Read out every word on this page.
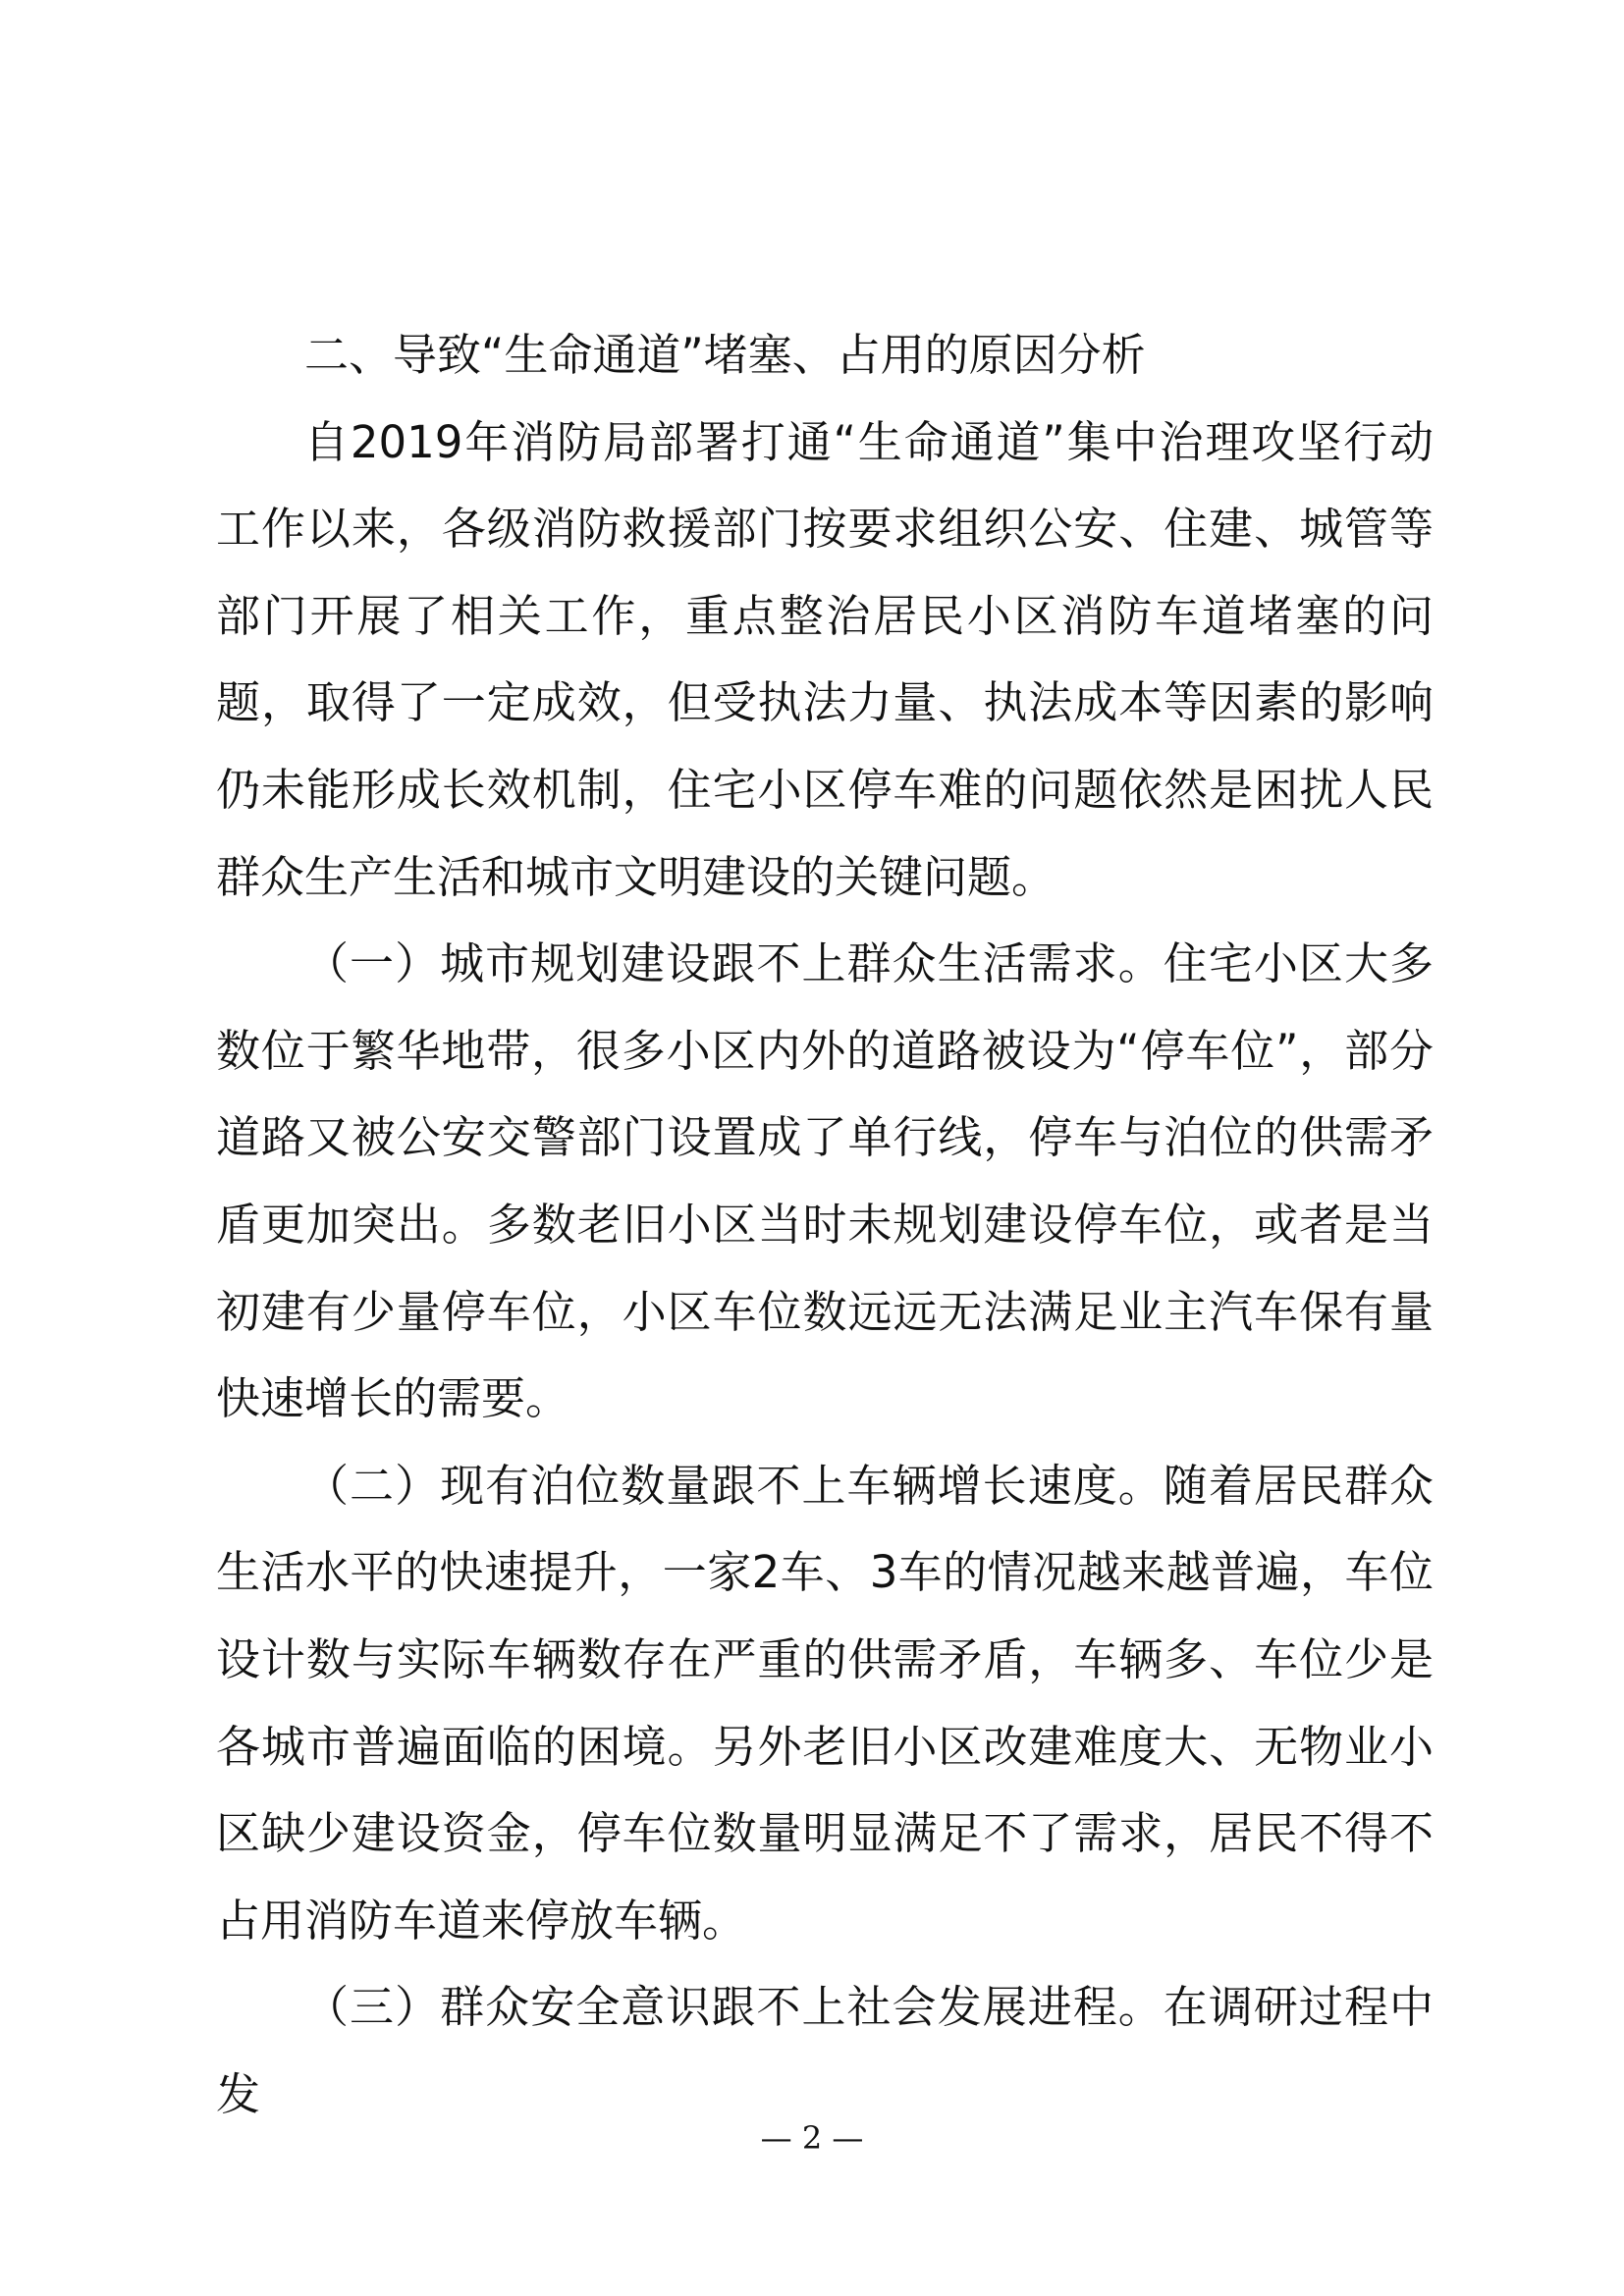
二、导致“生命通道”堵塞、占用的原因分析

自2019年消防局部署打通“生命通道”集中治理攻坚行动工作以来，各级消防救援部门按要求组织公安、住建、城管等部门开展了相关工作，重点整治居民小区消防车道堵塞的问题，取得了一定成效，但受执法力量、执法成本等因素的影响仍未能形成长效机制，住宅小区停车难的问题依然是困扰人民群众生产生活和城市文明建设的关键问题。

（一）城市规划建设跟不上群众生活需求。住宅小区大多数位于繁华地带，很多小区内外的道路被设为“停车位”，部分道路又被公安交警部门设置成了单行线，停车与泊位的供需矛盾更加突出。多数老旧小区当时未规划建设停车位，或者是当初建有少量停车位，小区车位数远远无法满足业主汽车保有量快速增长的需要。

（二）现有泊位数量跟不上车辆增长速度。随着居民群众生活水平的快速提升，一家2车、3车的情况越来越普遍，车位设计数与实际车辆数存在严重的供需矛盾，车辆多、车位少是各城市普遍面临的困境。另外老旧小区改建难度大、无物业小区缺少建设资金，停车位数量明显满足不了需求，居民不得不占用消防车道来停放车辆。

（三）群众安全意识跟不上社会发展进程。在调研过程中发

— 2 —
